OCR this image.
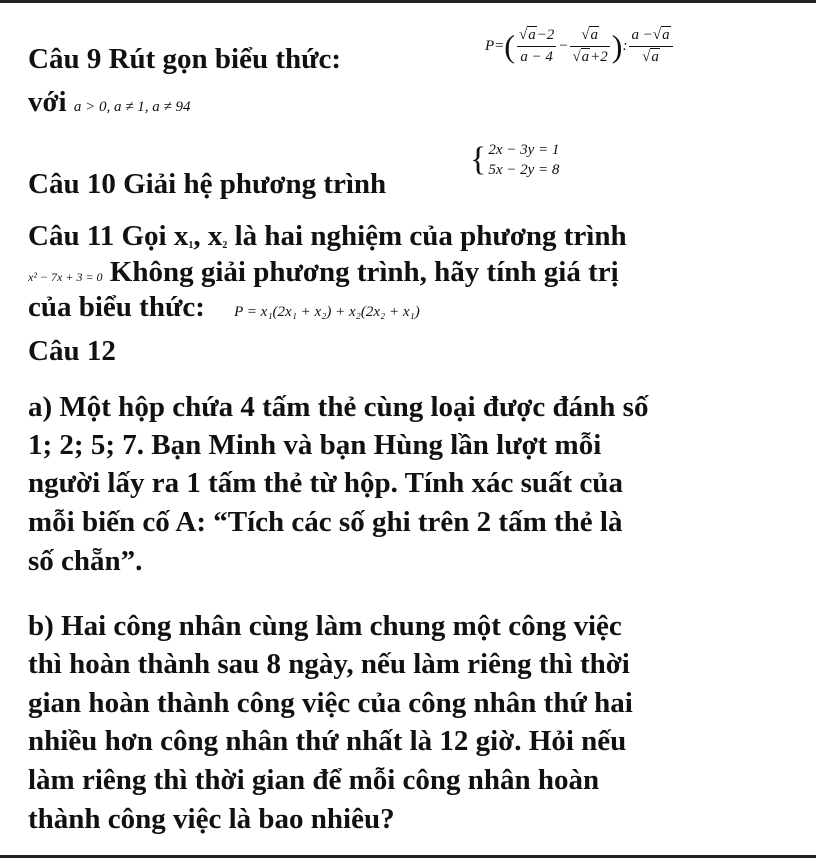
Câu 9 Rút gọn biểu thức:	P = ( $\frac{√a-2}{a - 4} - \frac{√a}{√a+2}$ ) : $\frac{a -√a}{√a}$
với a > 0, a ≠ 1, a ≠ 94
Câu 10 Giải hệ phương trình
{ 2x − 3y = 1
5x − 2y = 8
Câu 11 Gọi $x_1$, $x_2$ là hai nghiệm của phương trình
x² − 7x + 3 = 0 Không giải phương trình, hãy tính giá trị
của biểu thức: P = x₁(2x₁ + x₂) + x₂(2x₂ + x₁)
Câu 12
a) Một hộp chứa 4 tấm thẻ cùng loại được đánh số
1; 2; 5; 7. Bạn Minh và bạn Hùng lần lượt mỗi
người lấy ra 1 tấm thẻ từ hộp. Tính xác suất của
mỗi biến cố A: “Tích các số ghi trên 2 tấm thẻ là
số chẵn”.
b) Hai công nhân cùng làm chung một công việc
thì hoàn thành sau 8 ngày, nếu làm riêng thì thời
gian hoàn thành công việc của công nhân thứ hai
nhiều hơn công nhân thứ nhất là 12 giờ. Hỏi nếu
làm riêng thì thời gian để mỗi công nhân hoàn
thành công việc là bao nhiêu?
